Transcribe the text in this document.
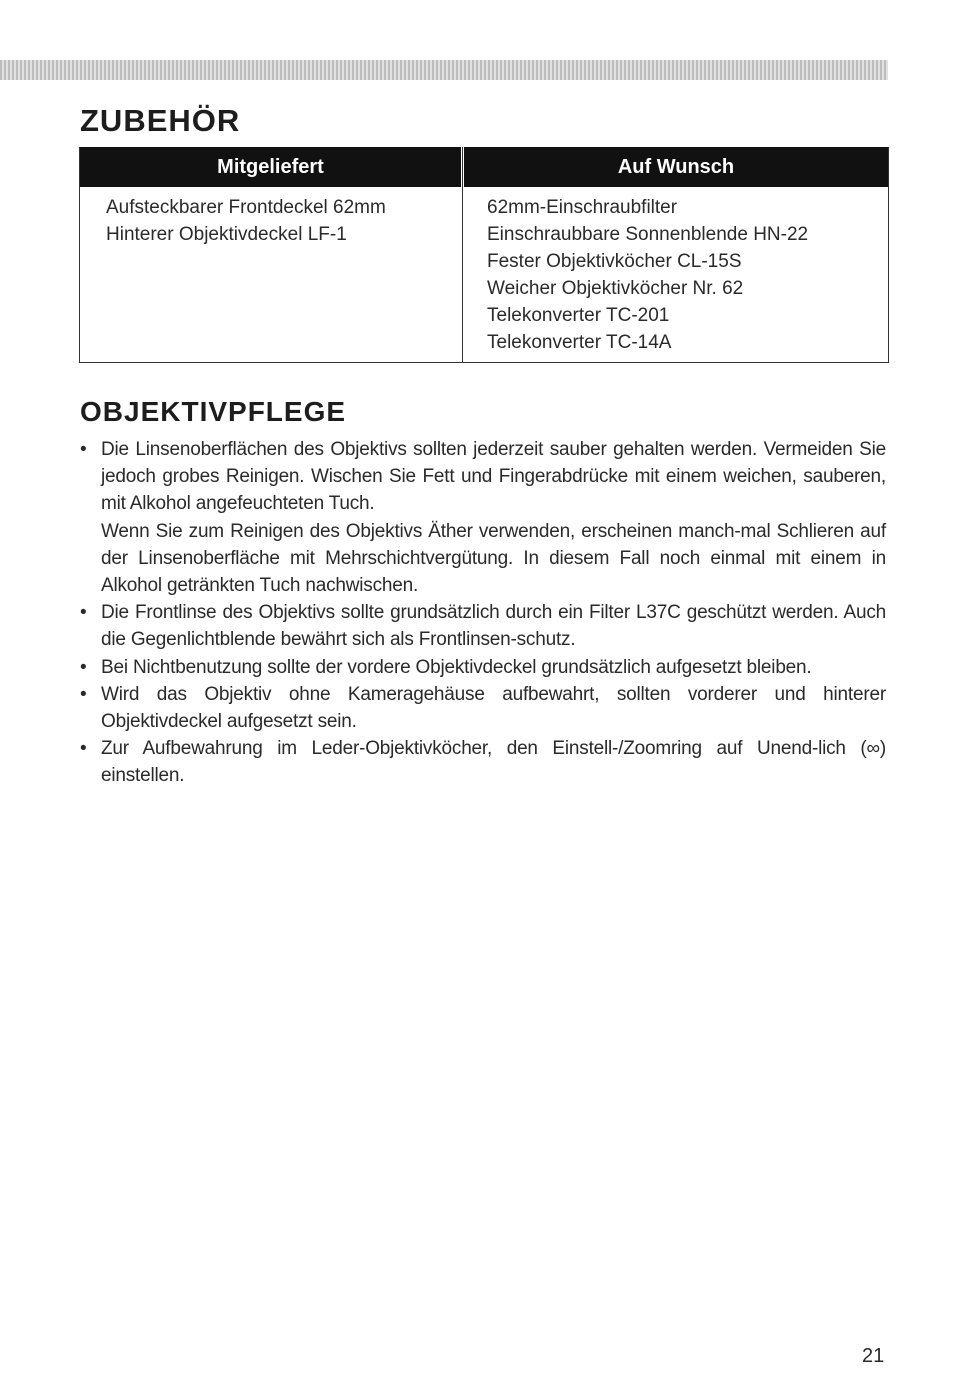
ZUBEHÖR
Mitgeliefert
Aufsteckbarer Frontdeckel 62mm
Hinterer Objektivdeckel LF-1
Auf Wunsch
62mm-Einschraubfilter
Einschraubbare Sonnenblende HN-22
Fester Objektivköcher CL-15S
Weicher Objektivköcher Nr. 62
Telekonverter TC-201
Telekonverter TC-14A
OBJEKTIVPFLEGE
• Die Linsenoberflächen des Objektivs sollten jederzeit sauber gehalten werden. Vermeiden Sie jedoch grobes Reinigen. Wischen Sie Fett und Fingerabdrücke mit einem weichen, sauberen, mit Alkohol angefeuchteten Tuch.

Wenn Sie zum Reinigen des Objektivs Äther verwenden, erscheinen manch-mal Schlieren auf der Linsenoberfläche mit Mehrschichtvergütung. In diesem Fall noch einmal mit einem in Alkohol getränkten Tuch nachwischen.

• Die Frontlinse des Objektivs sollte grundsätzlich durch ein Filter L37C geschützt werden. Auch die Gegenlichtblende bewährt sich als Frontlinsen-schutz.

• Bei Nichtbenutzung sollte der vordere Objektivdeckel grundsätzlich aufgesetzt bleiben.

• Wird das Objektiv ohne Kameragehäuse aufbewahrt, sollten vorderer und hinterer Objektivdeckel aufgesetzt sein.

• Zur Aufbewahrung im Leder-Objektivköcher, den Einstell-/Zoomring auf Unend-lich (∞) einstellen.

21
